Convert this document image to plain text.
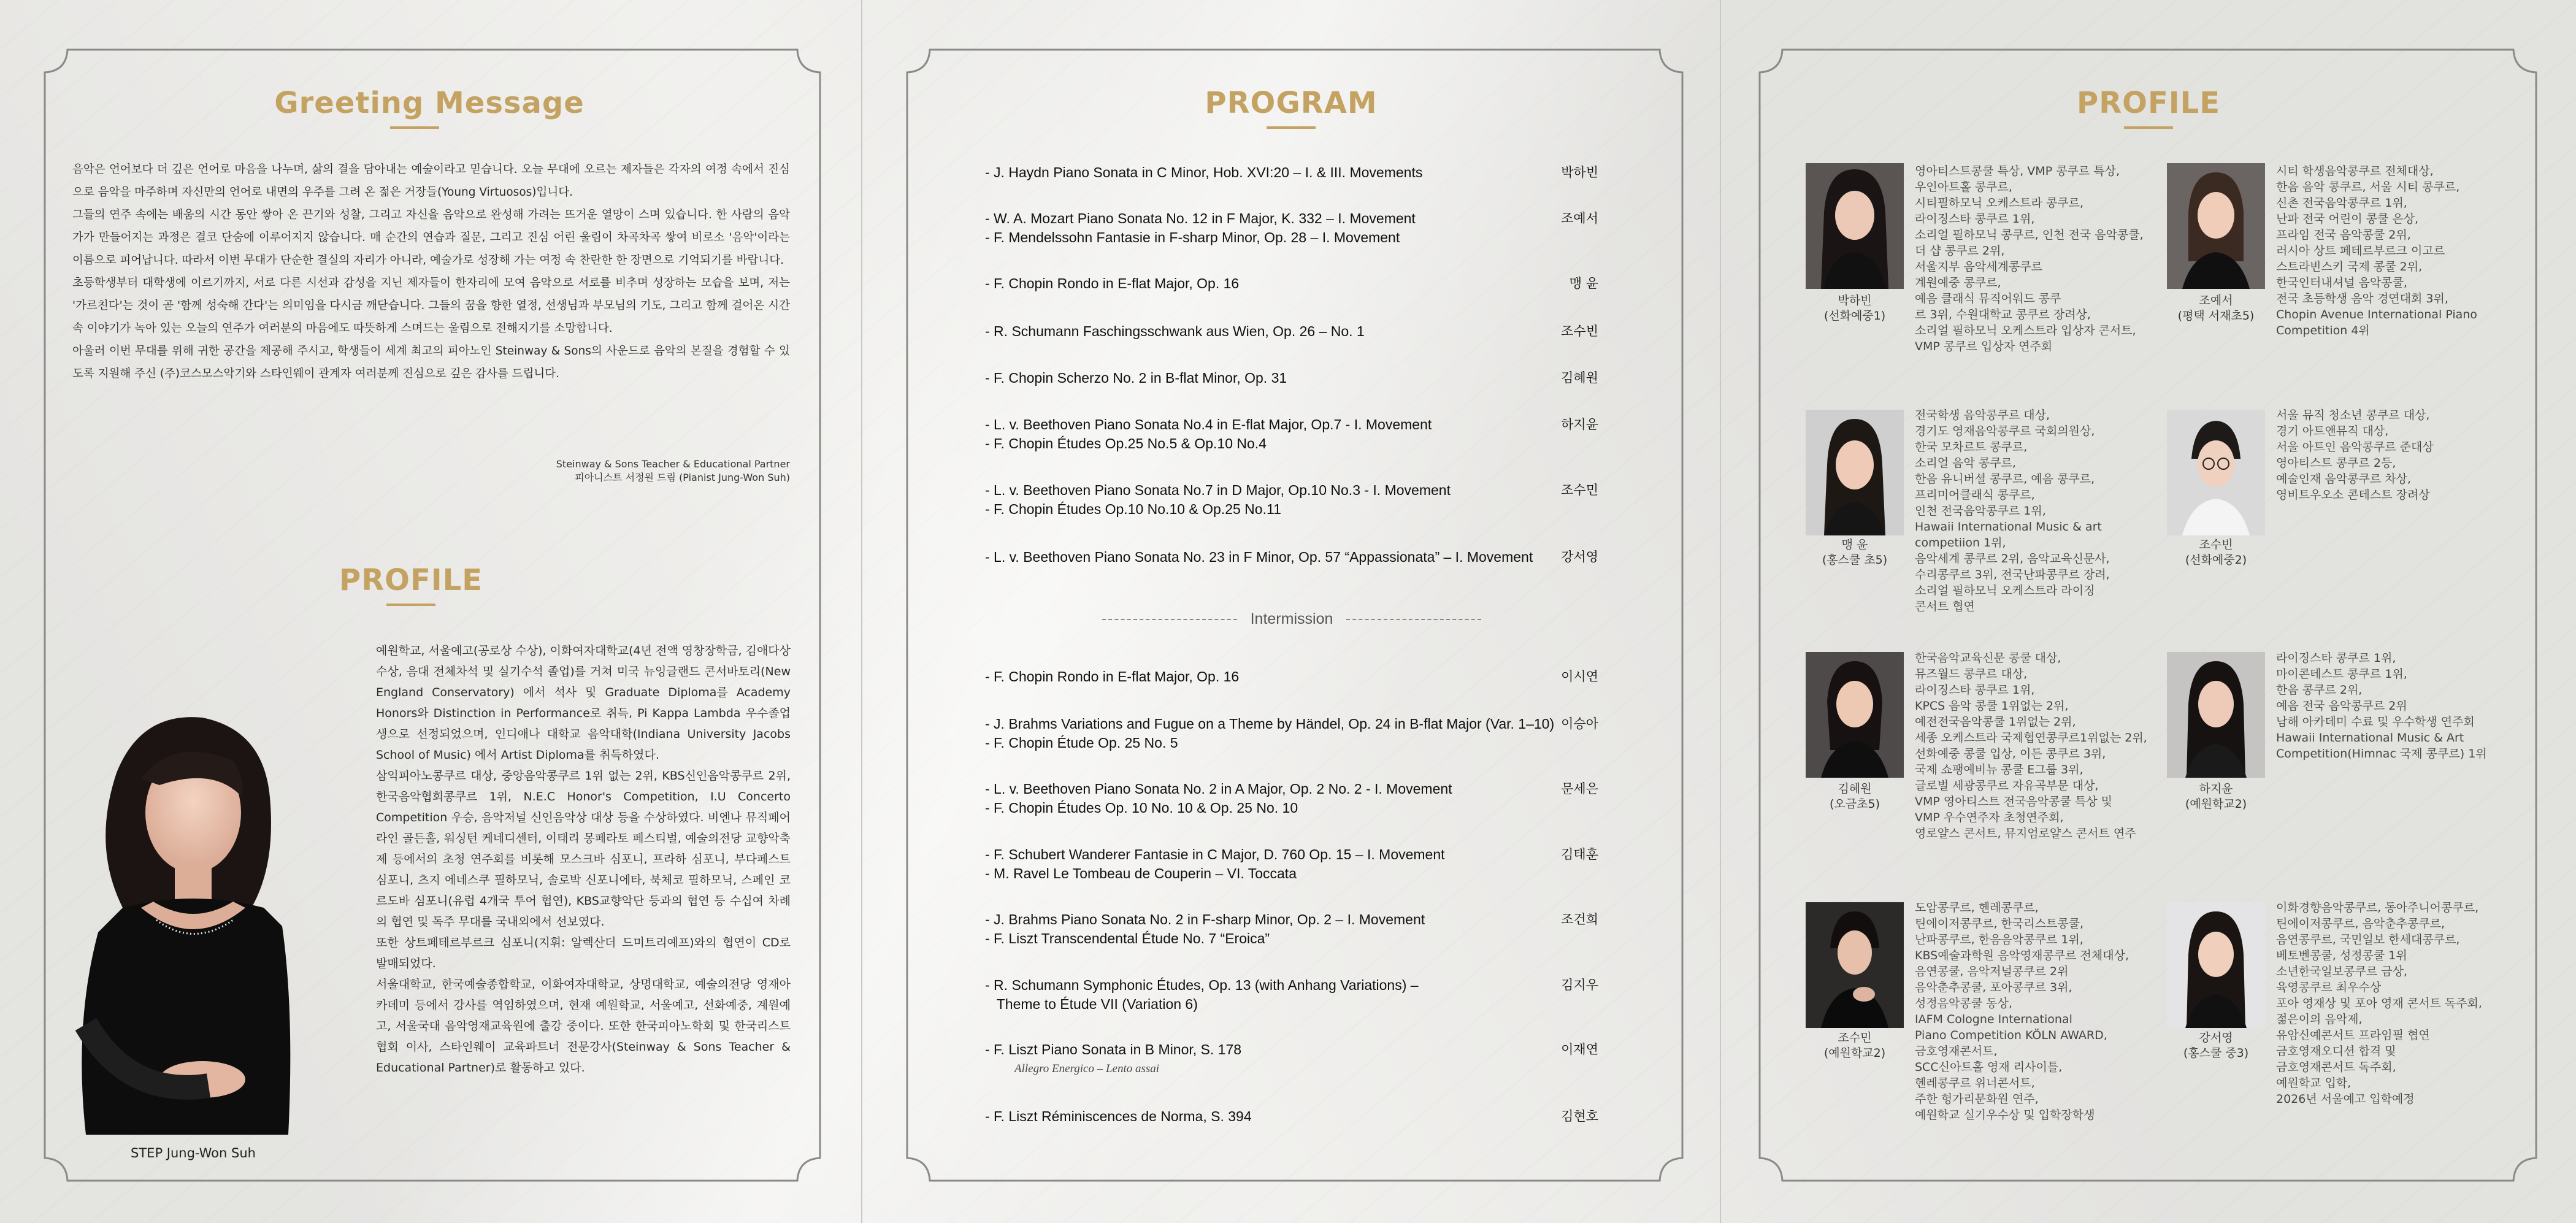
Greeting Message

음악은 언어보다 더 깊은 언어로 마음을 나누며, 삶의 결을 담아내는 예술이라고 믿습니다. 오늘 무대에 오르는 제자들은 각자의 여정 속에서 진심으로 음악을 마주하며 자신만의 언어로 내면의 우주를 그려 온 젊은 거장들(Young Virtuosos)입니다.

그들의 연주 속에는 배움의 시간 동안 쌓아 온 끈기와 성찰, 그리고 자신을 음악으로 완성해 가려는 뜨거운 열망이 스며 있습니다. 한 사람의 음악가가 만들어지는 과정은 결코 단숨에 이루어지지 않습니다. 매 순간의 연습과 질문, 그리고 진심 어린 울림이 차곡차곡 쌓여 비로소 '음악'이라는 이름으로 피어납니다. 따라서 이번 무대가 단순한 결실의 자리가 아니라, 예술가로 성장해 가는 여정 속 찬란한 한 장면으로 기억되기를 바랍니다.

초등학생부터 대학생에 이르기까지, 서로 다른 시선과 감성을 지닌 제자들이 한자리에 모여 음악으로 서로를 비추며 성장하는 모습을 보며, 저는 '가르친다'는 것이 곧 '함께 성숙해 간다'는 의미임을 다시금 깨닫습니다. 그들의 꿈을 향한 열정, 선생님과 부모님의 기도, 그리고 함께 걸어온 시간 속 이야기가 녹아 있는 오늘의 연주가 여러분의 마음에도 따뜻하게 스며드는 울림으로 전해지기를 소망합니다.

아울러 이번 무대를 위해 귀한 공간을 제공해 주시고, 학생들이 세계 최고의 피아노인 Steinway & Sons의 사운드로 음악의 본질을 경험할 수 있도록 지원해 주신 (주)코스모스악기와 스타인웨이 관계자 여러분께 진심으로 깊은 감사를 드립니다.

Steinway & Sons Teacher & Educational Partner
피아니스트 서정원 드림 (Pianist Jung-Won Suh)
PROFILE
STEP Jung-Won Suh

예원학교, 서울예고(공로상 수상), 이화여자대학교(4년 전액 영창장학금, 김애다상 수상, 음대 전체차석 및 실기수석 졸업)를 거쳐 미국 뉴잉글랜드 콘서바토리(New England Conservatory) 에서 석사 및 Graduate Diploma를 Academy Honors와 Distinction in Performance로 취득, Pi Kappa Lambda 우수졸업생으로 선정되었으며, 인디애나 대학교 음악대학(Indiana University Jacobs School of Music) 에서 Artist Diploma를 취득하였다.

삼익피아노콩쿠르 대상, 중앙음악콩쿠르 1위 없는 2위, KBS신인음악콩쿠르 2위, 한국음악협회콩쿠르 1위, N.E.C Honor's Competition, I.U Concerto Competition 우승, 음악저널 신인음악상 대상 등을 수상하였다. 비엔나 뮤직페어라인 골든홀, 워싱턴 케네디센터, 이태리 몽페라토 페스티벌, 예술의전당 교향악축제 등에서의 초청 연주회를 비롯해 모스크바 심포니, 프라하 심포니, 부다페스트 심포니, 츠지 에네스쿠 필하모닉, 솔로박 신포니에타, 북체코 필하모닉, 스페인 코르도바 심포니(유럽 4개국 투어 협연), KBS교향악단 등과의 협연 등 수십여 차례의 협연 및 독주 무대를 국내외에서 선보였다.

또한 상트페테르부르크 심포니(지휘: 알렉산더 드미트리예프)와의 협연이 CD로 발매되었다.

서울대학교, 한국예술종합학교, 이화여자대학교, 상명대학교, 예술의전당 영재아카데미 등에서 강사를 역임하였으며, 현재 예원학교, 서울예고, 선화예중, 계원예고, 서울국대 음악영재교육원에 출강 중이다. 또한 한국피아노학회 및 한국리스트협회 이사, 스타인웨이 교육파트너 전문강사(Steinway & Sons Teacher & Educational Partner)로 활동하고 있다.

PROGRAM
- J. Haydn Piano Sonata in C Minor, Hob. XVI:20 – I. & III. Movements	박하빈
- W. A. Mozart Piano Sonata No. 12 in F Major, K. 332 – I. Movement
- F. Mendelssohn Fantasie in F-sharp Minor, Op. 28 – I. Movement
조예서
- F. Chopin Rondo in E-flat Major, Op. 16	맹 윤
- R. Schumann Faschingsschwank aus Wien, Op. 26 – No. 1	조수빈
- F. Chopin Scherzo No. 2 in B-flat Minor, Op. 31	김혜원
- L. v. Beethoven Piano Sonata No.4 in E-flat Major, Op.7 - I. Movement
- F. Chopin Études Op.25 No.5 & Op.10 No.4
하지윤
- L. v. Beethoven Piano Sonata No.7 in D Major, Op.10 No.3 - I. Movement
- F. Chopin Études Op.10 No.10 & Op.25 No.11
조수민
- L. v. Beethoven Piano Sonata No. 23 in F Minor, Op. 57 “Appassionata” – I. Movement	강서영
Intermission
- F. Chopin Rondo in E-flat Major, Op. 16	이시연
- J. Brahms Variations and Fugue on a Theme by Händel, Op. 24 in B-flat Major (Var. 1–10)
- F. Chopin Étude Op. 25 No. 5
이승아
- L. v. Beethoven Piano Sonata No. 2 in A Major, Op. 2 No. 2 - I. Movement
- F. Chopin Études Op. 10 No. 10 & Op. 25 No. 10
문세은
- F. Schubert Wanderer Fantasie in C Major, D. 760 Op. 15 – I. Movement
- M. Ravel Le Tombeau de Couperin – VI. Toccata
김태훈
- J. Brahms Piano Sonata No. 2 in F-sharp Minor, Op. 2 – I. Movement
- F. Liszt Transcendental Étude No. 7 “Eroica”
조건희
- R. Schumann Symphonic Études, Op. 13 (with Anhang Variations) –
Theme to Étude VII (Variation 6)
김지우
- F. Liszt Piano Sonata in B Minor, S. 178
Allegro Energico – Lento assai
이재연
- F. Liszt Réminiscences de Norma, S. 394	김현호
PROFILE
박하빈
(선화예중1)
영아티스트콩쿨 특상, VMP 콩쿠르 특상,
우인아트홀 콩쿠르,
시티필하모닉 오케스트라 콩쿠르,
라이징스타 콩쿠르 1위,
소리얼 필하모닉 콩쿠르, 인천 전국 음악콩쿨,
더 샵 콩쿠르 2위,
서울지부 음악세계콩쿠르
계원예중 콩쿠르,
예음 클래식 뮤직어워드 콩쿠
르 3위, 수원대학교 콩쿠르 장려상,
소리얼 필하모닉 오케스트라 입상자 콘서트,
VMP 콩쿠르 입상자 연주회
조예서
(평택 서재초5)
시티 학생음악콩쿠르 전체대상,
한음 음악 콩쿠르, 서울 시티 콩쿠르,
신촌 전국음악콩쿠르 1위,
난파 전국 어린이 콩쿨 은상,
프라임 전국 음악콩쿨 2위,
러시아 상트 페테르부르크 이고르
스트라빈스키 국제 콩쿨 2위,
한국인터내셔널 음악콩쿨,
전국 초등학생 음악 경연대회 3위,
Chopin Avenue International Piano
Competition 4위
맹 윤
(홍스쿨 초5)
전국학생 음악콩쿠르 대상,
경기도 영재음악콩쿠르 국회의원상,
한국 모차르트 콩쿠르,
소리얼 음악 콩쿠르,
한음 유니버셜 콩쿠르, 예음 콩쿠르,
프리미어클래식 콩쿠르,
인천 전국음악콩쿠르 1위,
Hawaii International Music & art
competiion 1위,
음악세계 콩쿠르 2위, 음악교육신문사,
수리콩쿠르 3위, 전국난파콩쿠르 장려,
소리얼 필하모닉 오케스트라 라이징
콘서트 협연
조수빈
(선화예중2)
서울 뮤직 청소년 콩쿠르 대상,
경기 아트앤뮤직 대상,
서울 아트인 음악콩쿠르 준대상
영아티스트 콩쿠르 2등,
예술인재 음악콩쿠르 차상,
영비트우오소 콘테스트 장려상
김혜원
(오금초5)
한국음악교육신문 콩쿨 대상,
뮤즈월드 콩쿠르 대상,
라이징스타 콩쿠르 1위,
KPCS 음악 콩쿨 1위없는 2위,
예전전국음악콩쿨 1위없는 2위,
세종 오케스트라 국제협연콩쿠르1위없는 2위,
선화예중 콩쿨 입상, 이든 콩쿠르 3위,
국제 쇼팽예비뉴 콩쿨 E그룹 3위,
글로벌 세광콩쿠르 자유곡부문 대상,
VMP 영아티스트 전국음악콩쿨 특상 및
VMP 우수연주자 초청연주회,
영로얄스 콘서트, 뮤지엄로얄스 콘서트 연주
하지윤
(예원학교2)
라이징스타 콩쿠르 1위,
마이콘테스트 콩쿠르 1위,
한음 콩쿠르 2위,
예음 전국 음악콩쿠르 2위
남해 아카데미 수료 및 우수학생 연주회
Hawaii International Music & Art
Competition(Himnac 국제 콩쿠르) 1위
조수민
(예원학교2)
도암콩쿠르, 헨레콩쿠르,
틴에이저콩쿠르, 한국리스트콩쿨,
난파콩쿠르, 한음음악콩쿠르 1위,
KBS예술과학원 음악영재콩쿠르 전체대상,
음연콩쿨, 음악저널콩쿠르 2위
음악춘추콩쿨, 포아콩쿠르 3위,
성정음악콩쿨 동상,
IAFM Cologne International
Piano Competition KÖLN AWARD,
금호영재콘서트,
SCC신아트홀 영재 리사이틀,
헨레콩쿠르 위너콘서트,
주한 헝가리문화원 연주,
예원학교 실기우수상 및 입학장학생
강서영
(홍스쿨 중3)
이화경향음악콩쿠르, 동아주니어콩쿠르,
틴에이저콩쿠르, 음악춘추콩쿠르,
음연콩쿠르, 국민일보 한세대콩쿠르,
베토벤콩쿨, 성정콩쿨 1위
소년한국일보콩쿠르 금상,
육영콩쿠르 최우수상
포아 영재상 및 포아 영재 콘서트 독주회,
젊은이의 음악제,
유암신예콘서트 프라임필 협연
금호영재오디션 합격 및
금호영재콘서트 독주회,
예원학교 입학,
2026년 서울예고 입학예정
